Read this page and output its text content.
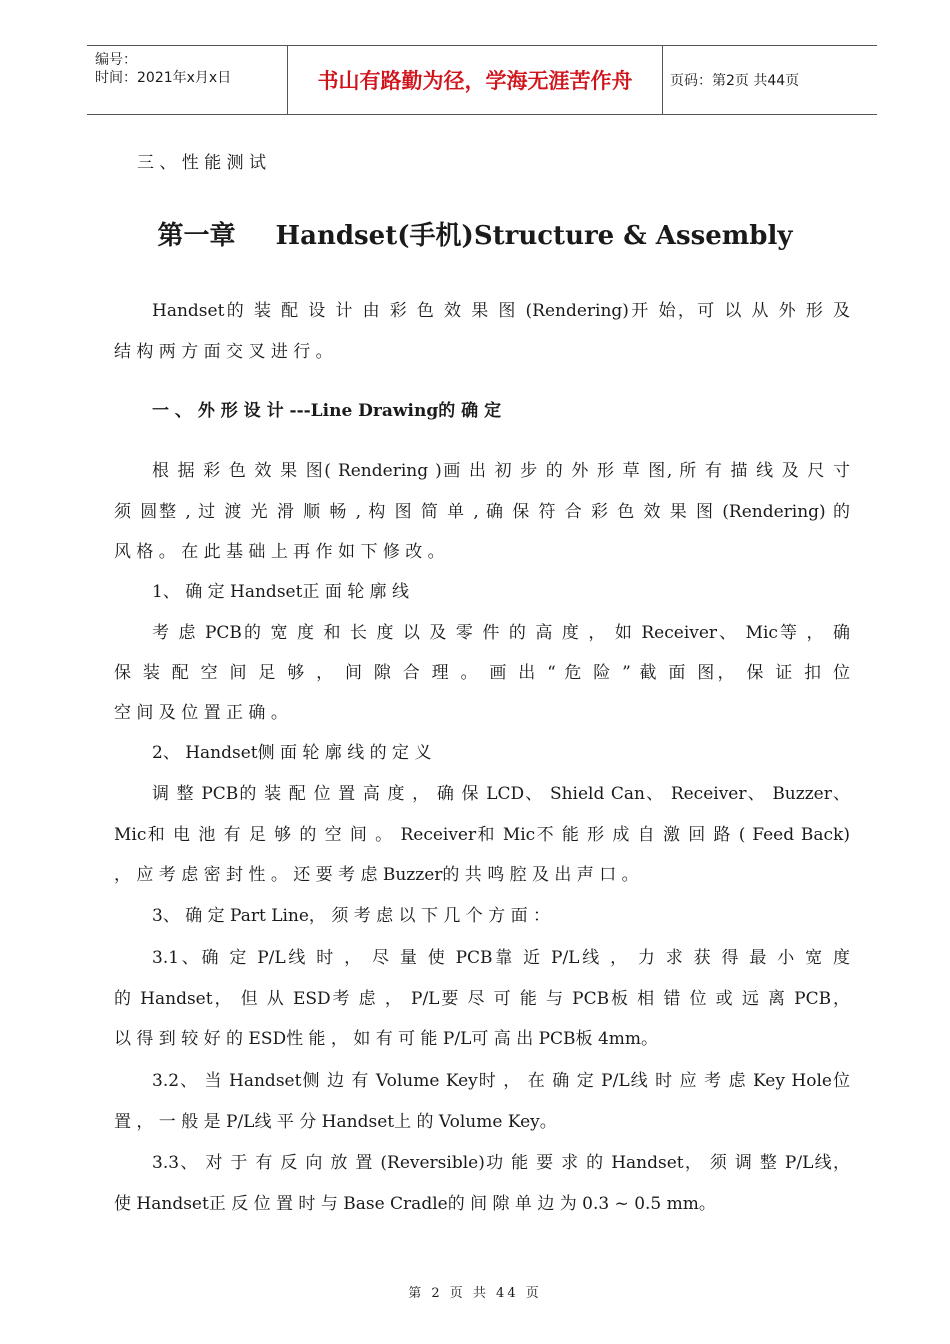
编号：
时间：2021年x月x日	书山有路勤为径，学海无涯苦作舟	页码：第2页 共44页
三 、 性 能 测 试
第一章 Handset(手机)Structure & Assembly
Handset的 装 配 设 计 由 彩 色 效 果 图 (Rendering)开 始，可 以 从 外 形 及
结 构 两 方 面 交 叉 进 行 。
一 、 外 形 设 计 ---Line Drawing的 确 定
根 据 彩 色 效 果 图( Rendering )画 出 初 步 的 外 形 草 图, 所 有 描 线 及 尺 寸
须 圆整 , 过 渡 光 滑 顺 畅 , 构 图 简 单 , 确 保 符 合 彩 色 效 果 图 (Rendering) 的
风 格 。 在 此 基 础 上 再 作 如 下 修 改 。
1、 确 定 Handset正 面 轮 廓 线
考 虑 PCB的 宽 度 和 长 度 以 及 零 件 的 高 度 ， 如 Receiver、 Mic等 ， 确
保 装 配 空 间 足 够 ， 间 隙 合 理 。 画 出 “ 危 险 ” 截 面 图， 保 证 扣 位
空 间 及 位 置 正 确 。
2、 Handset侧 面 轮 廓 线 的 定 义
调 整 PCB的 装 配 位 置 高 度 ， 确 保 LCD、 Shield Can、 Receiver、 Buzzer、
Mic和 电 池 有 足 够 的 空 间 。 Receiver和 Mic不 能 形 成 自 激 回 路 ( Feed Back)
， 应 考 虑 密 封 性 。 还 要 考 虑 Buzzer的 共 鸣 腔 及 出 声 口 。
3、 确 定 Part Line， 须 考 虑 以 下 几 个 方 面 ：
3.1、确 定 P/L线 时 ， 尽 量 使 PCB靠 近 P/L线 ， 力 求 获 得 最 小 宽 度
的 Handset， 但 从 ESD考 虑 ， P/L要 尽 可 能 与 PCB板 相 错 位 或 远 离 PCB，
以 得 到 较 好 的 ESD性 能 ， 如 有 可 能 P/L可 高 出 PCB板 4mm。
3.2、 当 Handset侧 边 有 Volume Key时 ， 在 确 定 P/L线 时 应 考 虑 Key Hole位
置 ， 一 般 是 P/L线 平 分 Handset上 的 Volume Key。
3.3、 对 于 有 反 向 放 置 (Reversible)功 能 要 求 的 Handset， 须 调 整 P/L线，
使 Handset正 反 位 置 时 与 Base Cradle的 间 隙 单 边 为 0.3 ~ 0.5 mm。
第 2 页 共 44 页
